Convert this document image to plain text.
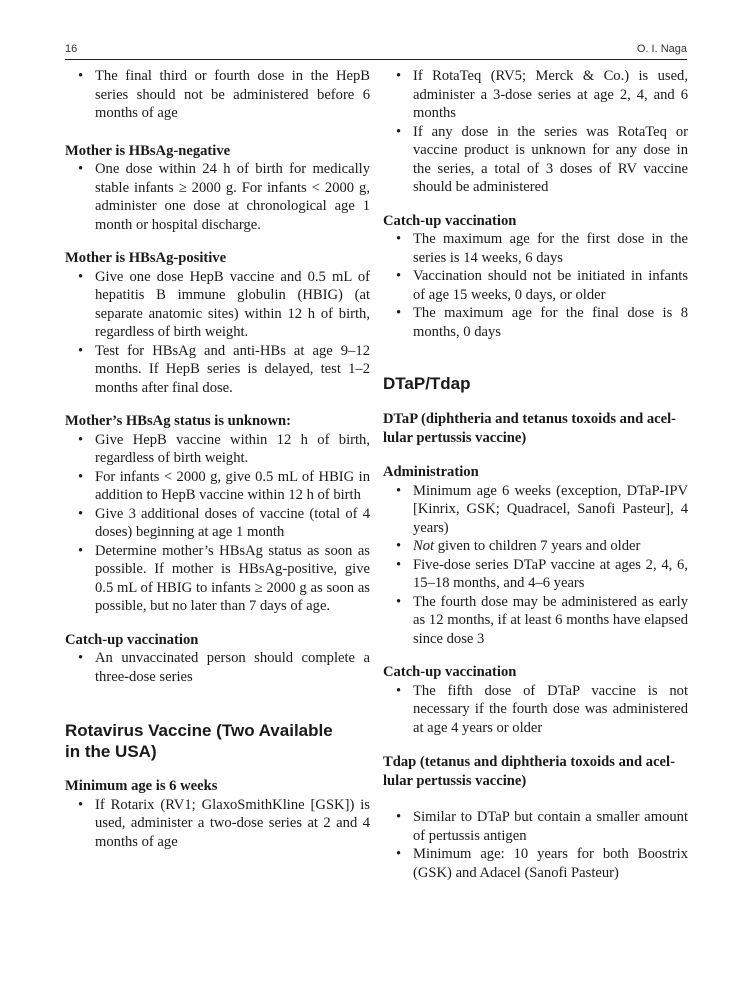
16	O. I. Naga
• The final third or fourth dose in the HepB series should not be administered before 6 months of age
Mother is HBsAg-negative
• One dose within 24 h of birth for medically stable infants ≥ 2000 g. For infants < 2000 g, administer one dose at chronological age 1 month or hospital discharge.
Mother is HBsAg-positive
• Give one dose HepB vaccine and 0.5 mL of hepatitis B immune globulin (HBIG) (at separate anatomic sites) within 12 h of birth, regardless of birth weight.
• Test for HBsAg and anti-HBs at age 9–12 months. If HepB series is delayed, test 1–2 months after final dose.
Mother’s HBsAg status is unknown:
• Give HepB vaccine within 12 h of birth, regardless of birth weight.
• For infants < 2000 g, give 0.5 mL of HBIG in addition to HepB vaccine within 12 h of birth
• Give 3 additional doses of vaccine (total of 4 doses) beginning at age 1 month
• Determine mother’s HBsAg status as soon as possible. If mother is HBsAg-positive, give 0.5 mL of HBIG to infants ≥ 2000 g as soon as possible, but no later than 7 days of age.
Catch-up vaccination
• An unvaccinated person should complete a three-dose series
Rotavirus Vaccine (Two Available
in the USA)
Minimum age is 6 weeks
• If Rotarix (RV1; GlaxoSmithKline [GSK]) is used, administer a two-dose series at 2 and 4 months of age
• If RotaTeq (RV5; Merck & Co.) is used, administer a 3-dose series at age 2, 4, and 6 months
• If any dose in the series was RotaTeq or vaccine product is unknown for any dose in the series, a total of 3 doses of RV vaccine should be administered
Catch-up vaccination
• The maximum age for the first dose in the series is 14 weeks, 6 days
• Vaccination should not be initiated in infants of age 15 weeks, 0 days, or older
• The maximum age for the final dose is 8 months, 0 days
DTaP/Tdap
DTaP (diphtheria and tetanus toxoids and acel-
lular pertussis vaccine)
Administration
• Minimum age 6 weeks (exception, DTaP-IPV [Kinrix, GSK; Quadracel, Sanofi Pasteur], 4 years)
• Not given to children 7 years and older
• Five-dose series DTaP vaccine at ages 2, 4, 6, 15–18 months, and 4–6 years
• The fourth dose may be administered as early as 12 months, if at least 6 months have elapsed since dose 3
Catch-up vaccination
• The fifth dose of DTaP vaccine is not necessary if the fourth dose was administered at age 4 years or older
Tdap (tetanus and diphtheria toxoids and acel-
lular pertussis vaccine)
• Similar to DTaP but contain a smaller amount of pertussis antigen
• Minimum age: 10 years for both Boostrix (GSK) and Adacel (Sanofi Pasteur)
